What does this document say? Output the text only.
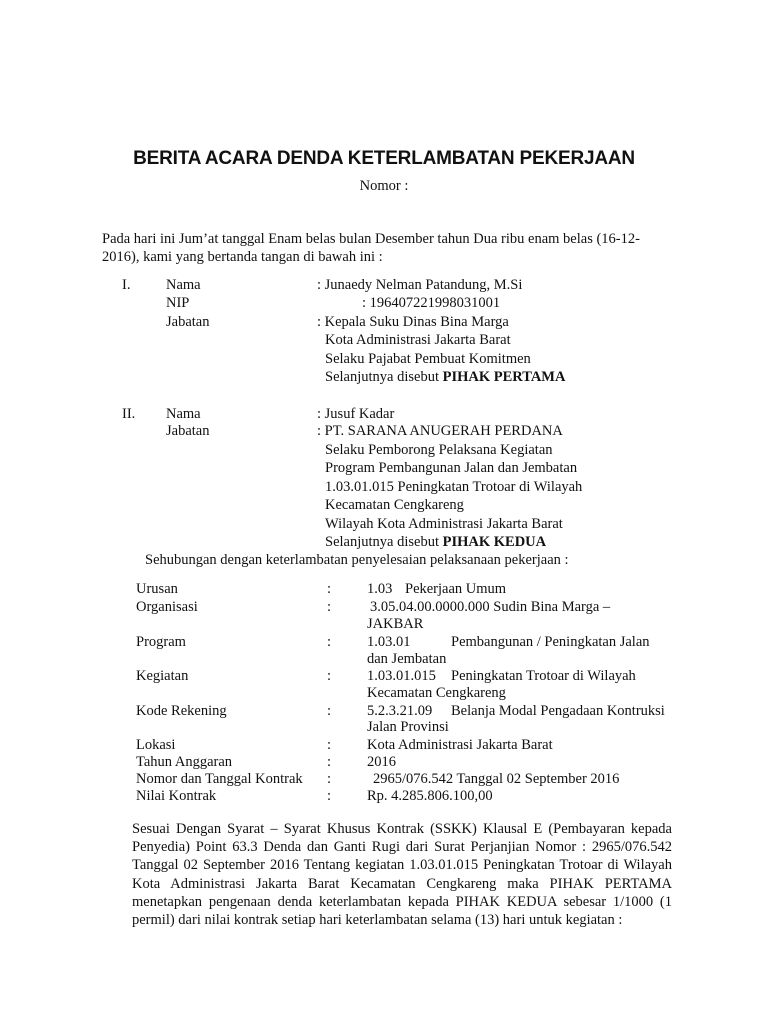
BERITA ACARA DENDA KETERLAMBATAN PEKERJAAN
Nomor :
Pada hari ini Jum’at tanggal Enam belas bulan Desember tahun Dua ribu enam belas (16-12-2016), kami yang bertanda tangan di bawah ini :
I. Nama	: Junaedy Nelman Patandung, M.Si
NIP	: 196407221998031001
Jabatan	: Kepala Suku Dinas Bina Marga
Kota Administrasi Jakarta Barat
Selaku Pajabat Pembuat Komitmen
Selanjutnya disebut PIHAK PERTAMA
II. Nama	: Jusuf Kadar
Jabatan	: PT. SARANA ANUGERAH PERDANA
Selaku Pemborong Pelaksana Kegiatan
Program Pembangunan Jalan dan Jembatan
1.03.01.015 Peningkatan Trotoar di Wilayah
Kecamatan Cengkareng
Wilayah Kota Administrasi Jakarta Barat
Selanjutnya disebut PIHAK KEDUA
Sehubungan dengan keterlambatan penyelesaian pelaksanaan pekerjaan :
Urusan	: 1.03 Pekerjaan Umum
Organisasi	:	3.05.04.00.0000.000 Sudin Bina Marga –
JAKBAR
Program	: 1.03.01	Pembangunan / Peningkatan Jalan
dan Jembatan
Kegiatan	: 1.03.01.015 Peningkatan Trotoar di Wilayah
Kecamatan Cengkareng
Kode Rekening	: 5.2.3.21.09 Belanja Modal Pengadaan Kontruksi
Jalan Provinsi
Lokasi	: Kota Administrasi Jakarta Barat
Tahun Anggaran	: 2016
Nomor dan Tanggal Kontrak :	2965/076.542 Tanggal 02 September 2016
Nilai Kontrak	: Rp. 4.285.806.100,00
Sesuai Dengan Syarat – Syarat Khusus Kontrak (SSKK) Klausal E (Pembayaran kepada Penyedia) Point 63.3 Denda dan Ganti Rugi dari Surat Perjanjian Nomor : 2965/076.542 Tanggal 02 September 2016 Tentang kegiatan 1.03.01.015 Peningkatan Trotoar di Wilayah Kota Administrasi Jakarta Barat Kecamatan Cengkareng maka PIHAK PERTAMA menetapkan pengenaan denda keterlambatan kepada PIHAK KEDUA sebesar 1/1000 (1 permil) dari nilai kontrak setiap hari keterlambatan selama (13) hari untuk kegiatan :
